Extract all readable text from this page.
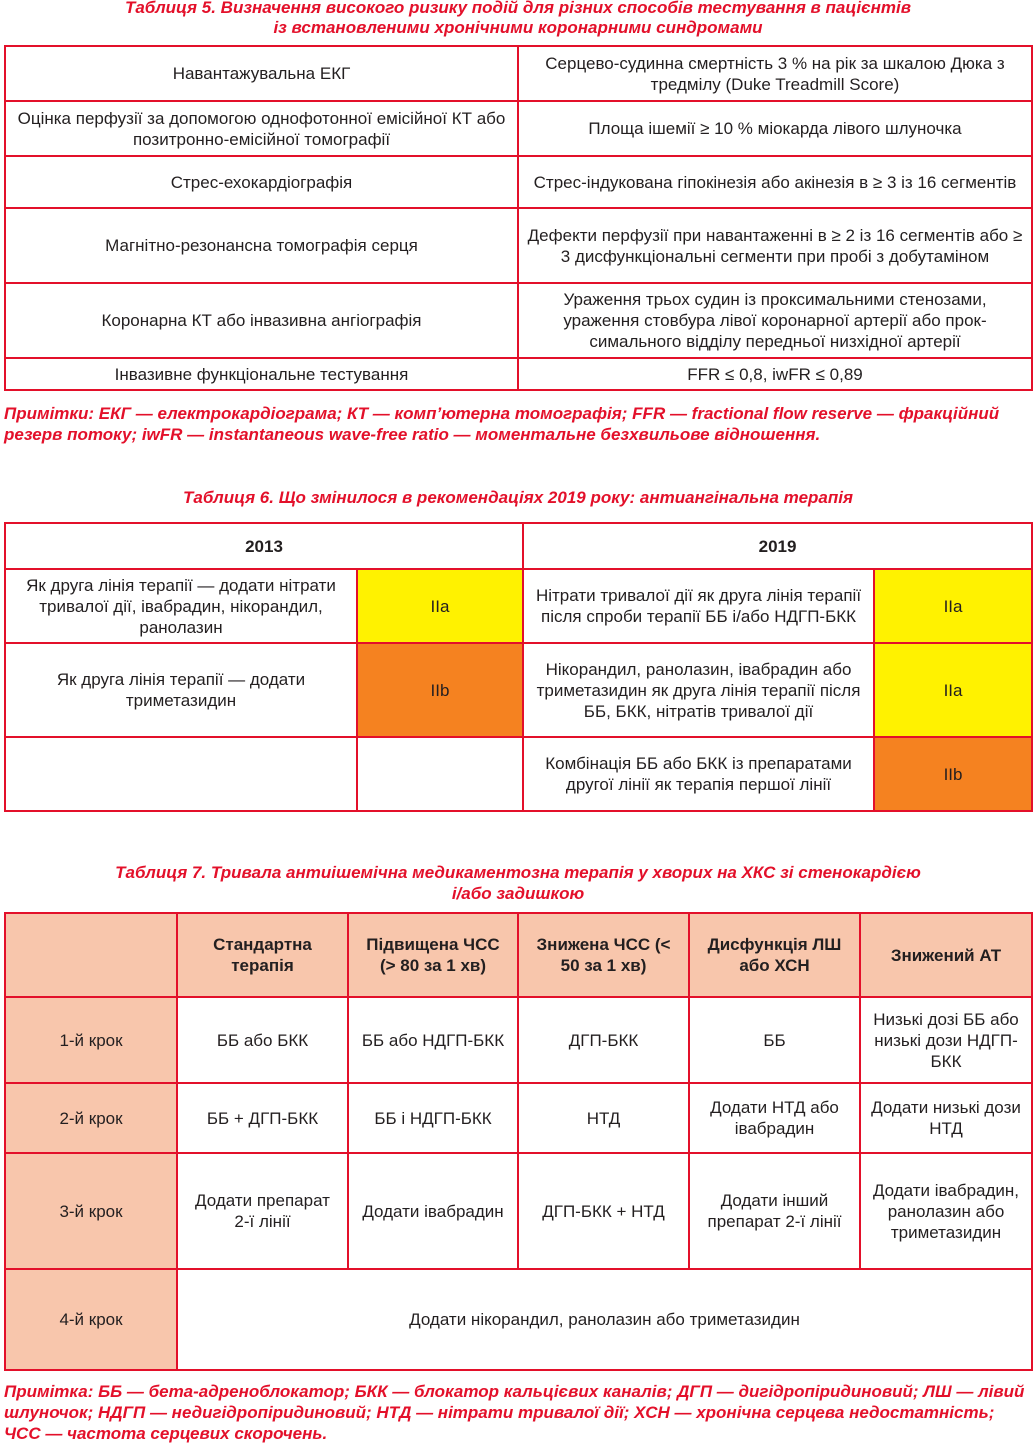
Таблиця 5. Визначення високого ризику подій для різних способів тестування в пацієнтів

із встановленими хронічними коронарними синдромами

Навантажувальна ЕКГ	Серцево-судинна смертність 3 % на рік за шкалою Дюка з тредмілу (Duke Treadmill Score)
Оцінка перфузії за допомогою однофотонної емісійної КТ або позитронно-емісійної томографії	Площа ішемії ≥ 10 % міокарда лівого шлуночка
Стрес-ехокардіографія	Стрес-індукована гіпокінезія або акінезія в ≥ 3 із 16 сегментів
Магнітно-резонансна томографія серця	Дефекти перфузії при навантаженні в ≥ 2 із 16 сегментів або ≥ 3 дисфункціональні сегменти при пробі з добутаміном
Коронарна КТ або інвазивна ангіографія	Ураження трьох судин із проксимальними стенозами, ураження стовбура лівої коронарної артерії або проксимального відділу передньої низхідної артерії
Інвазивне функціональне тестування	FFR ≤ 0,8, iwFR ≤ 0,89

Примітки: ЕКГ — електрокардіограма; КТ — комп’ютерна томографія; FFR — fractional flow reserve — фракційний резерв потоку; iwFR — instantaneous wave-free ratio — моментальне безхвильове відношення.

Таблиця 6. Що змінилося в рекомендаціях 2019 року: антиангінальна терапія

2013		2019	
Як друга лінія терапії — додати нітрати тривалої дії, івабрадин, нікорандил, ранолазин	IIa	Нітрати тривалої дії як друга лінія терапії після спроби терапії ББ і/або НДГП-БКК	IIa
Як друга лінія терапії — додати триметазидин	IIb	Нікорандил, ранолазин, івабрадин або триметазидин як друга лінія терапії після ББ, БКК, нітратів тривалої дії	IIa
		Комбінація ББ або БКК із препаратами другої лінії як терапія першої лінії	IIb

Таблиця 7. Тривала антиішемічна медикаментозна терапія у хворих на ХКС зі стенокардією

і/або задишкою

	Стандартна терапія	Підвищена ЧСС (> 80 за 1 хв)	Знижена ЧСС (< 50 за 1 хв)	Дисфункція ЛШ або ХСН	Знижений АТ
1-й крок	ББ або БКК	ББ або НДГП-БКК	ДГП-БКК	ББ	Низькі дозі ББ або низькі дози НДГП-БКК
2-й крок	ББ + ДГП-БКК	ББ і НДГП-БКК	НТД	Додати НТД або івабрадин	Додати низькі дози НТД
3-й крок	Додати препарат 2-ї лінії	Додати івабрадин	ДГП-БКК + НТД	Додати інший препарат 2-ї лінії	Додати івабрадин, ранолазин або триметазидин
4-й крок	Додати нікорандил, ранолазин або триметазидин				

Примітка: ББ — бета-адреноблокатор; БКК — блокатор кальцієвих каналів; ДГП — дигідропіридиновий; ЛШ — лівий шлуночок; НДГП — недигідропіридиновий; НТД — нітрати тривалої дії; ХСН — хронічна серцева недостатність; ЧСС — частота серцевих скорочень.
